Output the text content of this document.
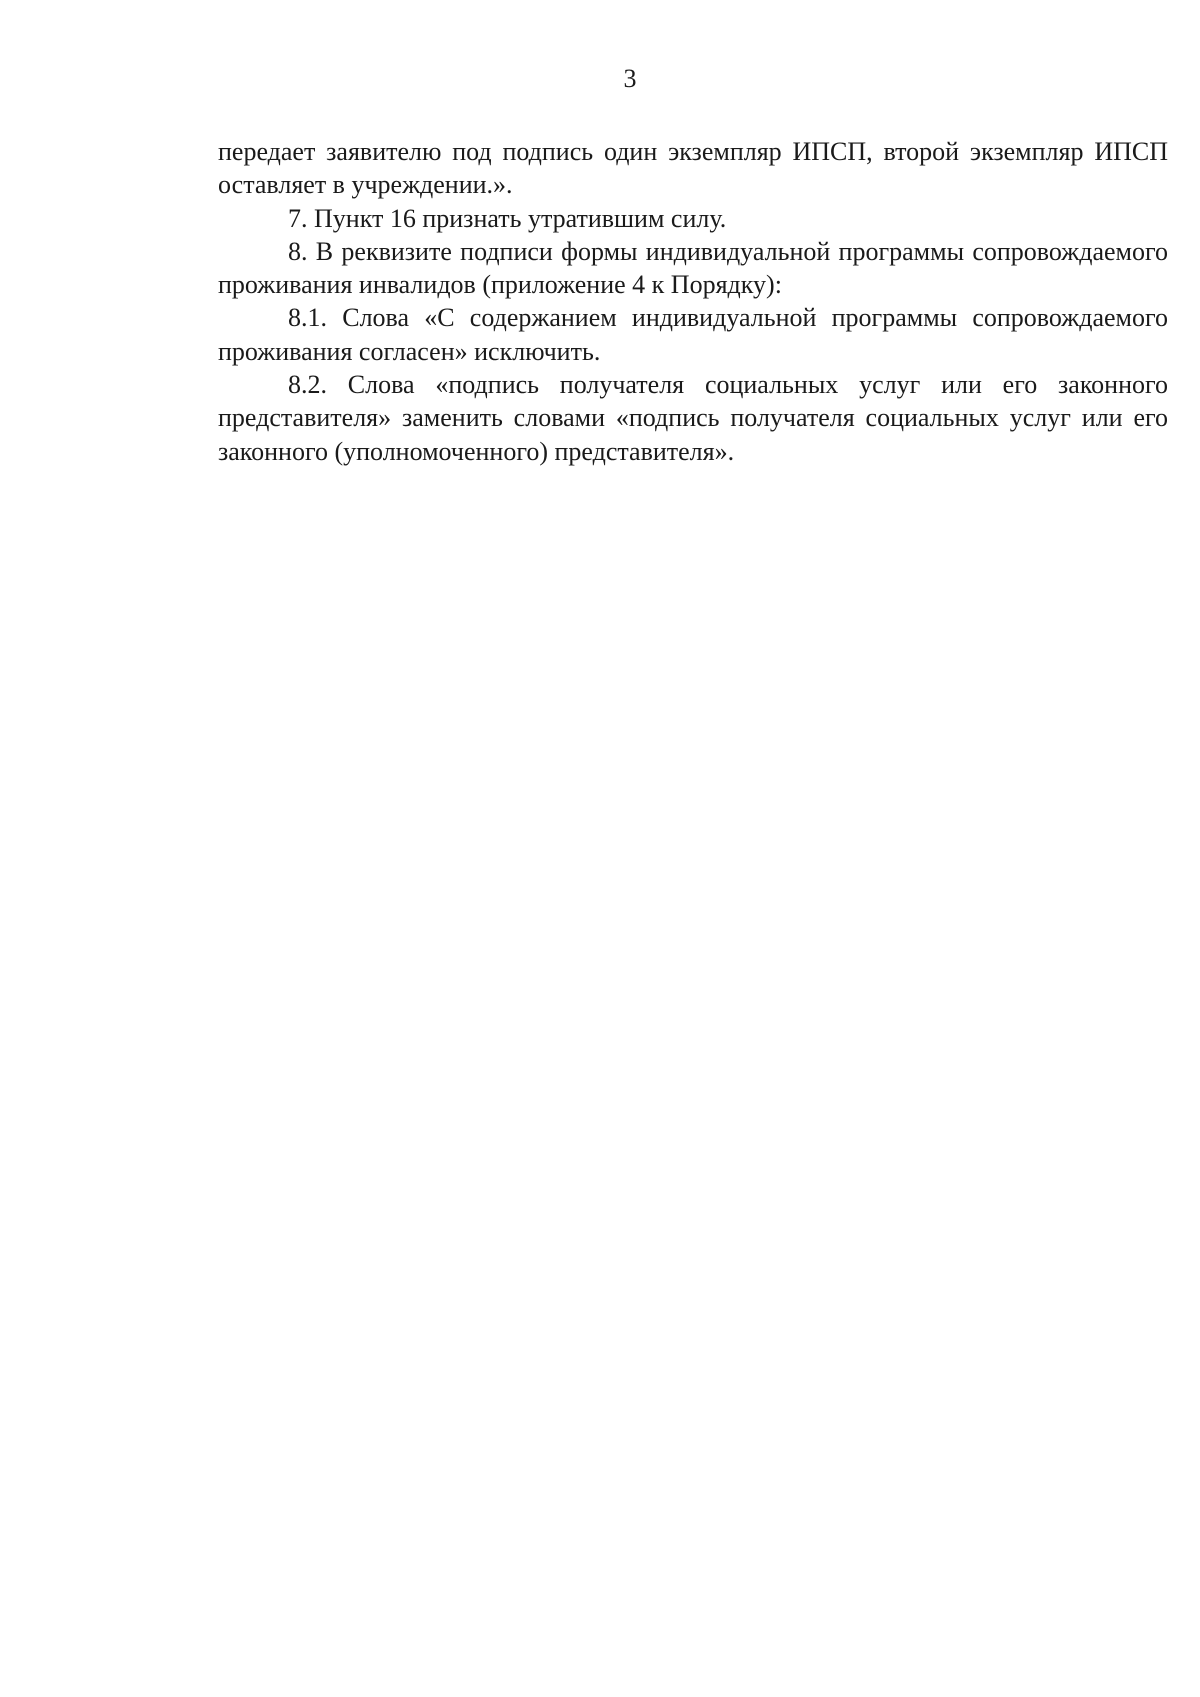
3

передает заявителю под подпись один экземпляр ИПСП, второй экземпляр ИПСП оставляет в учреждении.».

7. Пункт 16 признать утратившим силу.

8. В реквизите подписи формы индивидуальной программы сопровождаемого проживания инвалидов (приложение 4 к Порядку):

8.1. Слова «С содержанием индивидуальной программы сопровождаемого проживания согласен» исключить.

8.2. Слова «подпись получателя социальных услуг или его законного представителя» заменить словами «подпись получателя социальных услуг или его законного (уполномоченного) представителя».
